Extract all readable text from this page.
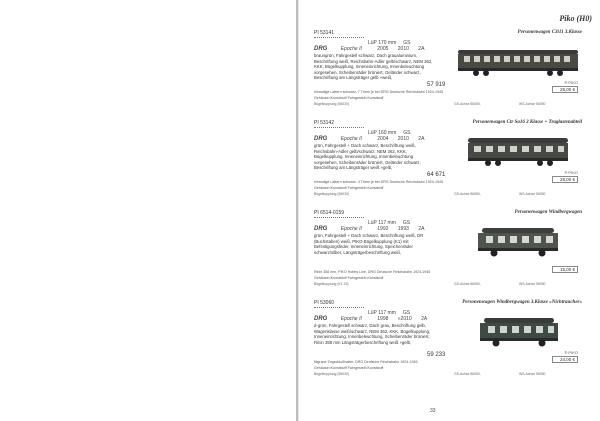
Piko (H0)
PI 53141	Personenwagen C3i11 3.Klasse
LüP 170 mm GS
DRG	Epoche II	2005 2010 2A
braungrün, Fahrgestell schwarz, Dach graualuminium, Beschriftung weiß, Reichsbahn-Adler gelb/schwarz, NEM 362, KKK, Bügelkupplung, Inneneinrichtung, Innenbeleuchtung vorgesehen, Scheibenräder brüniert, Geländer schwarz, Beschriftung am Längsträger gelb »weiß,
57 919
einmalige Lattern schwarz, 7 Türen je bei DRG Deutsche Reichsbahn 1924-1945
Gehäuse=Kunststoff Fahrgestell=Kunststoff
Bügelkupplung (56030)
® PIKO
28,00 €
GS-Achse 56050,	WS-Achse 56050
PI 53142	Personenwagen Ctr Sa16 3 Klasse + Traglastenabteil
LüP 160 mm GS
DRG	Epoche II	2004 2010 2A
grün, Fahrgestell + Dach schwarz, Beschriftung weiß, Reichsbahn-Adler gelb/schwarz, NEM 362, KKK, Bügelkupplung, Inneneinrichtung, Innenbeleuchtung vorgesehen, Scheibenräder brüniert, Geländer schwarz, Beschriftung am Längsträger weiß »gelb,
64 671
einmalige Lattern schwarz, 4 Türen je bei DRG Deutsche Reichsbahn 1924-1945
Gehäuse=Kunststoff Fahrgestell=Kunststoff
Bügelkupplung (56030)
® PIKO
28,00 €
GS-Achse 56050,	WS-Achse 56050
PI 6514-0159	Personenwagen Windbergwagen
LüP 117 mm GS
DRG	Epoche II	1992 1993 2A
grün, Fahrgestell + Dach schwarz, Beschriftung weiß, DR (Buchstaben) weiß, PIKO-Bügelkupplung (K1) mit Befestigungsfeder, Inneneinrichtung, Speichenräder schwarz/silber, Längsträgerbeschriftung weiß,
Rinin 358 mm, PIKO Hobby Line, DRG Deutsche Reichsbahn 1924-1945
Gehäuse=Kunststoff Fahrgestell=Kunststoff
Bügelkupplung (K1 23)
15,00 €
GS-Achse 56050,	WS-Achse 56050
PI 53060	Personenwagen Windbergwagen 3.Klasse »Nichtraucher«
LüP 117 mm GS
DRG	Epoche II	1998 »2010 2A
d-grün, Fahrgestell schwarz, Dach grau, Beschriftung gelb, Wagenklasse weiß/schwarz, NEM 362, KKK, Bügelkupplung, Inneneinrichtung, Innenbeleuchtung, Scheibenräder brüniert, Rinin 358 mm Längsträgerbeschriftung weiß »gelb,
59 233
filigrane Zugschlußhalter, DRG Deutsche Reichsbahn 1924-1945
Gehäuse=Kunststoff Fahrgestell=Kunststoff
Bügelkupplung (56030)
® PIKO
24,00 €
GS-Achse 56050,	WS-Achse 56050
33
